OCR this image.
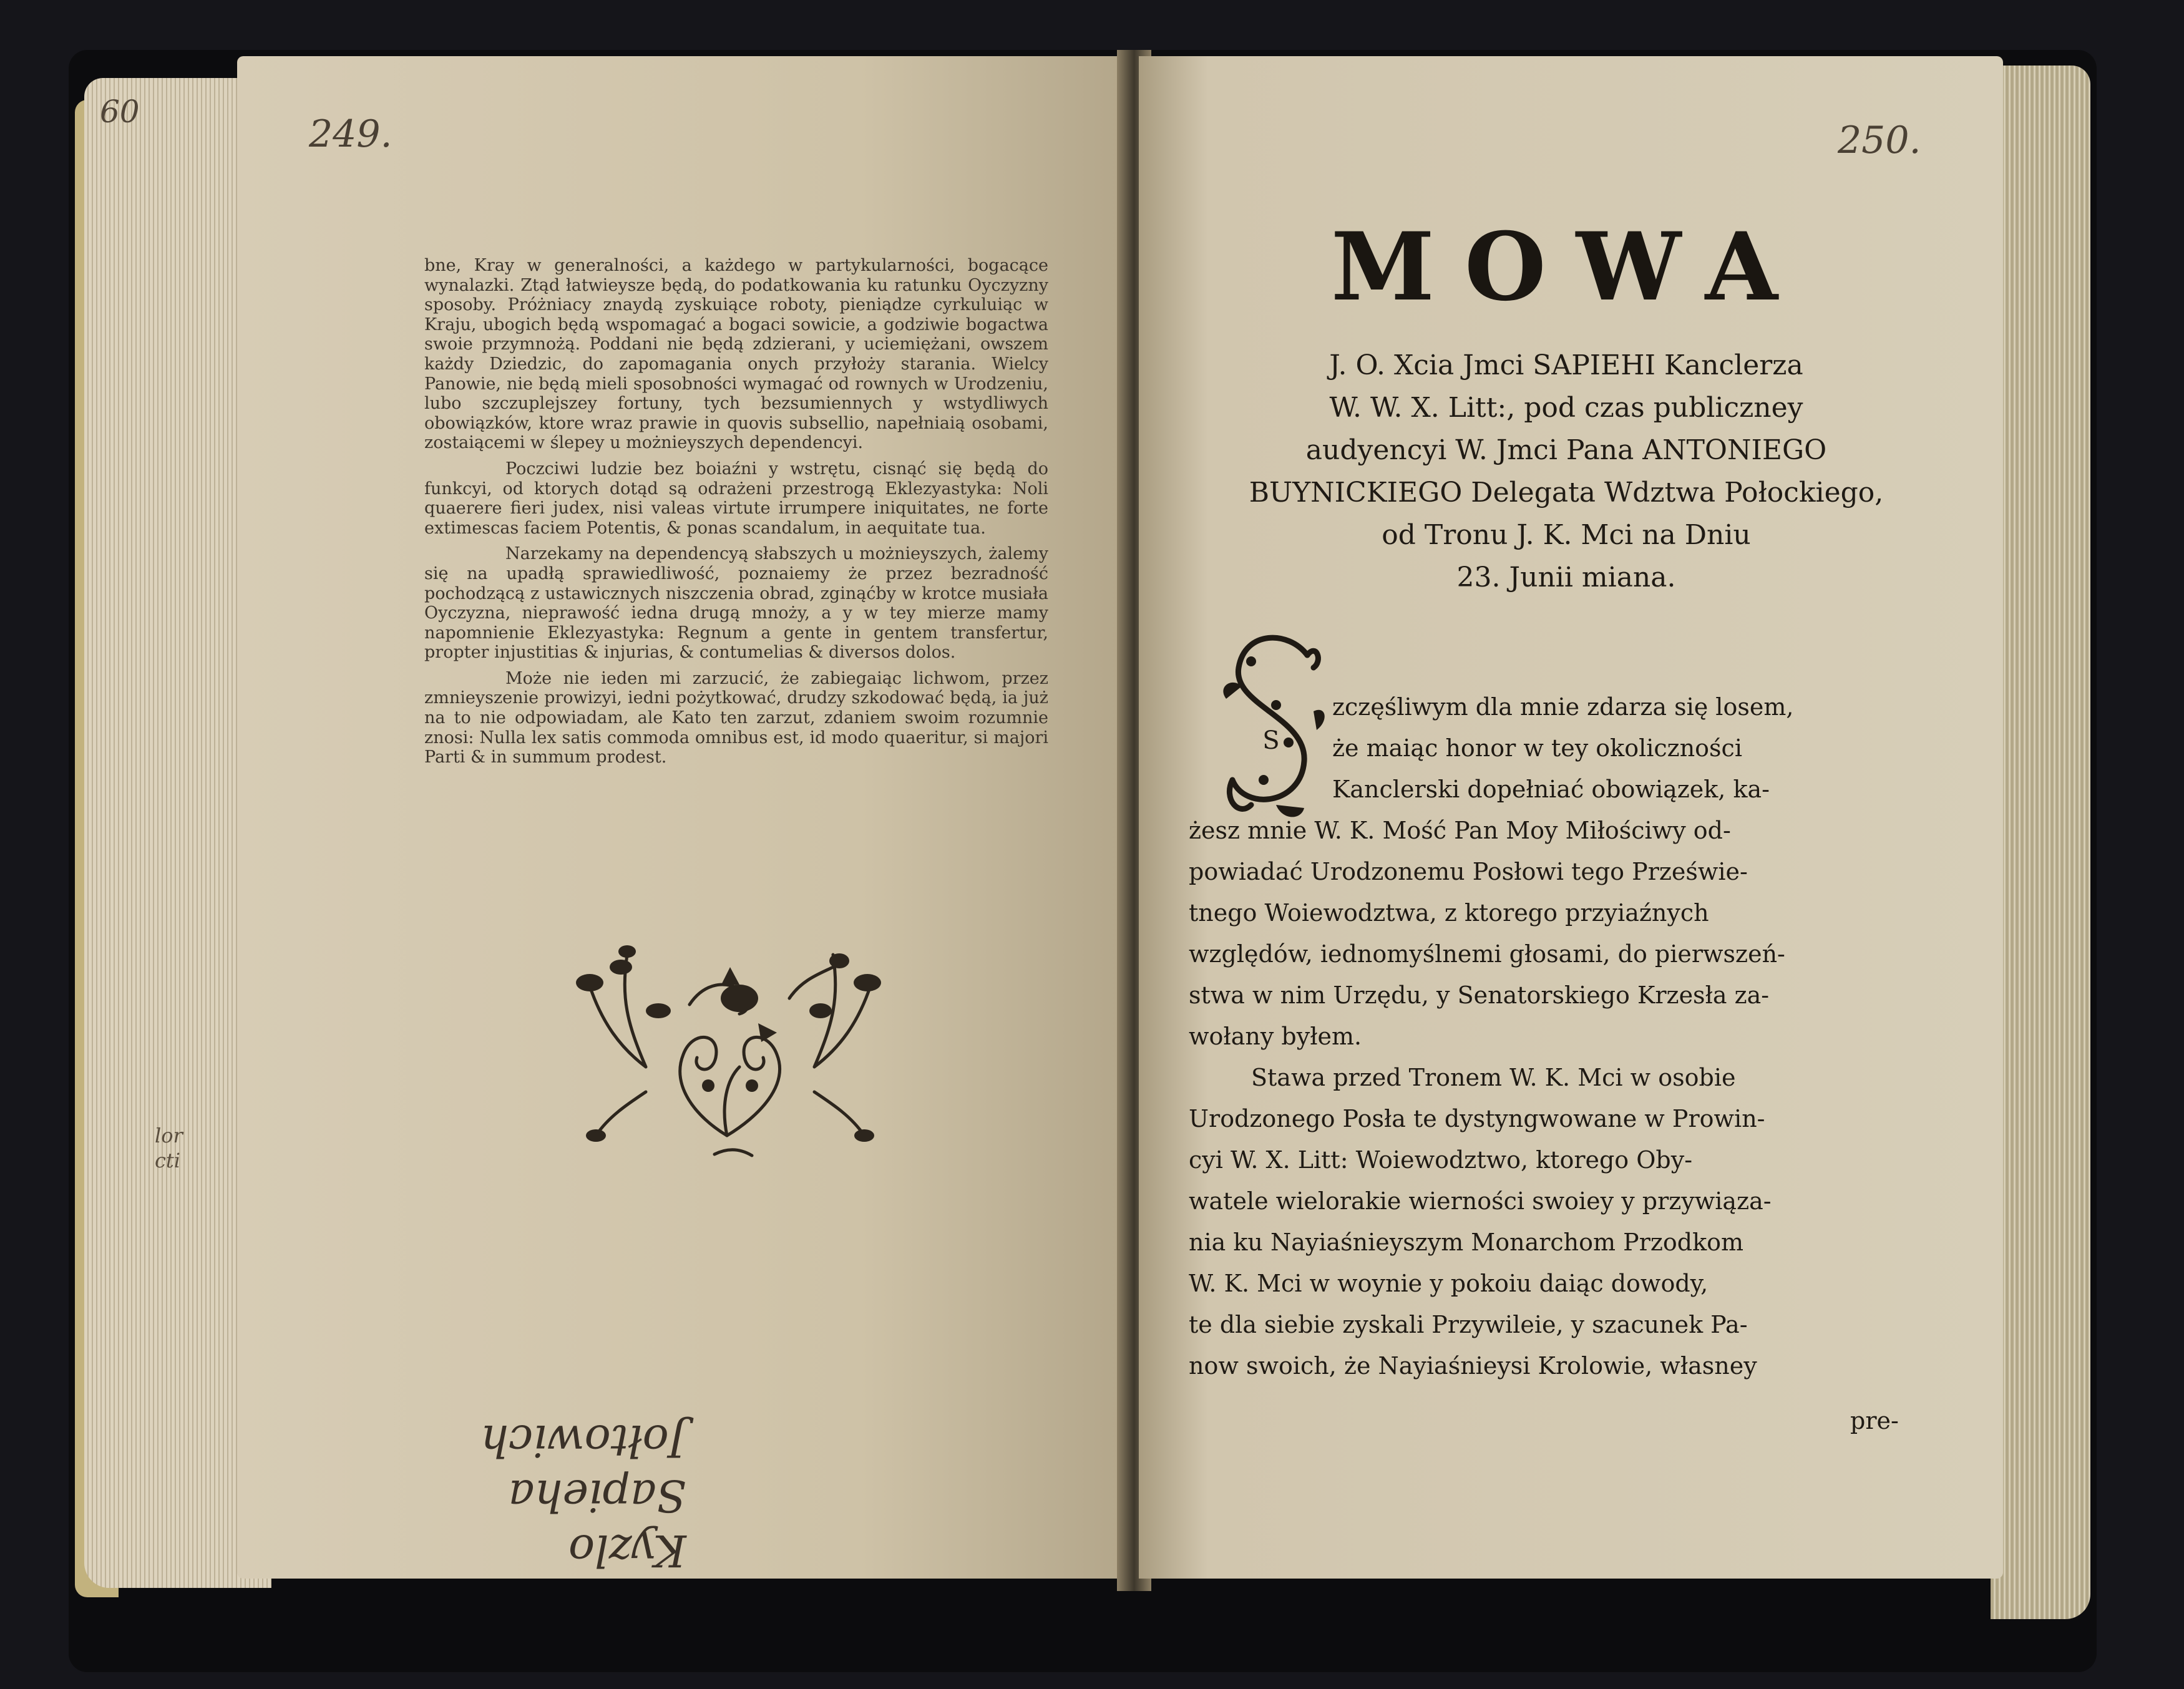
249.

bne, Kray w generalności, a każdego w partykularności, bogacące wynalazki. Ztąd łatwieysze będą, do podatkowania ku ratunku Oyczyzny sposoby. Próżniacy znaydą zyskuiące roboty, pieniądze cyrkuluiąc w Kraju, ubogich będą wspomagać a bogaci sowicie, a godziwie bogactwa swoie przymnożą. Poddani nie będą zdzierani, y uciemiężani, owszem każdy Dziedzic, do zapomagania onych przyłoży starania. Wielcy Panowie, nie będą mieli sposobności wymagać od rownych w Urodzeniu, lubo szczuplejszey fortuny, tych bezsumiennych y wstydliwych obowiązków, ktore wraz prawie in quovis subsellio, napełniaią osobami, zostaiącemi w ślepey u możnieyszych dependencyi.

Poczciwi ludzie bez boiaźni y wstrętu, cisnąć się będą do funkcyi, od ktorych dotąd są odrażeni przestrogą Eklezyastyka: Noli quaerere fieri judex, nisi valeas virtute irrumpere iniquitates, ne forte extimescas faciem Potentis, & ponas scandalum, in aequitate tua.

Narzekamy na dependencyą słabszych u możnieyszych, żalemy się na upadłą sprawiedliwość, poznaiemy że przez bezradność pochodzącą z ustawicznych niszczenia obrad, zginąćby w krotce musiała Oyczyzna, nieprawość iedna drugą mnoży, a y w tey mierze mamy napomnienie Eklezyastyka: Regnum a gente in gentem transfertur, propter injustitias & injurias, & contumelias & diversos dolos.

Może nie ieden mi zarzucić, że zabiegaiąc lichwom, przez zmnieyszenie prowizyi, iedni pożytkować, drudzy szkodować będą, ia już na to nie odpowiadam, ale Kato ten zarzut, zdaniem swoim rozumnie znosi: Nulla lex satis commoda omnibus est, id modo quaeritur, si majori Parti & in summum prodest.

Kyzlo
Sapieha
Jołtowich
60
lor
cti
250.
MOWA
J. O. Xcia Jmci SAPIEHI Kanclerza
W. W. X. Litt:, pod czas publiczney
audyencyi W. Jmci Pana ANTONIEGO
BUYNICKIEGO Delegata Wdztwa Połockiego,
od Tronu J. K. Mci na Dniu
23. Junii miana.
S
zczęśliwym dla mnie zdarza się losem,
że maiąc honor w tey okoliczności
Kanclerski dopełniać obowiązek, ka-
żesz mnie W. K. Mość Pan Moy Miłościwy od-
powiadać Urodzonemu Posłowi tego Prześwie-
tnego Woiewodztwa, z ktorego przyiaźnych
względów, iednomyślnemi głosami, do pierwszeń-
stwa w nim Urzędu, y Senatorskiego Krzesła za-
wołany byłem.
Stawa przed Tronem W. K. Mci w osobie
Urodzonego Posła te dystyngwowane w Prowin-
cyi W. X. Litt: Woiewodztwo, ktorego Oby-
watele wielorakie wierności swoiey y przywiąza-
nia ku Nayiaśnieyszym Monarchom Przodkom
W. K. Mci w woynie y pokoiu daiąc dowody,
te dla siebie zyskali Przywileie, y szacunek Pa-
now swoich, że Nayiaśnieysi Krolowie, własney
pre-
